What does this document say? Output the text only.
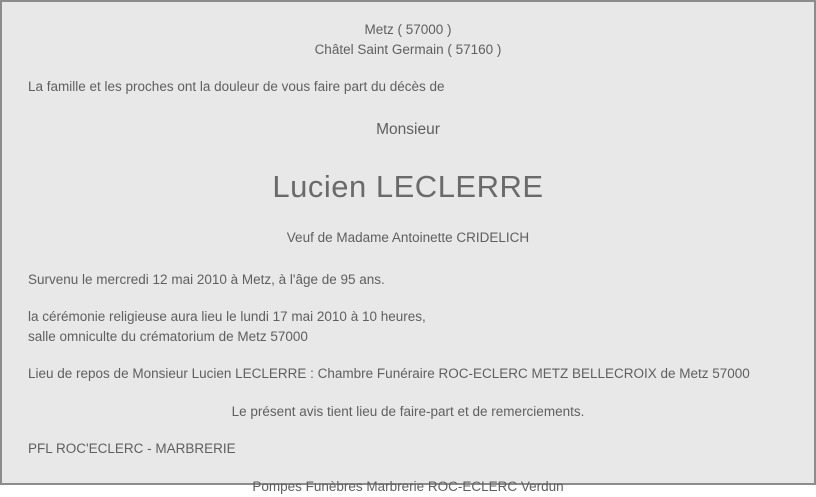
Metz ( 57000 )
Châtel Saint Germain ( 57160 )
La famille et les proches ont la douleur de vous faire part du décès de
Monsieur
Lucien LECLERRE
Veuf de Madame Antoinette CRIDELICH
Survenu le mercredi 12 mai 2010 à Metz, à l'âge de 95 ans.
la cérémonie religieuse aura lieu le lundi 17 mai 2010 à 10 heures,
salle omniculte du crématorium de Metz 57000
Lieu de repos de Monsieur Lucien LECLERRE : Chambre Funéraire ROC-ECLERC METZ BELLECROIX de Metz 57000
Le présent avis tient lieu de faire-part et de remerciements.
PFL ROC'ECLERC - MARBRERIE
Pompes Funèbres Marbrerie ROC-ECLERC Verdun
